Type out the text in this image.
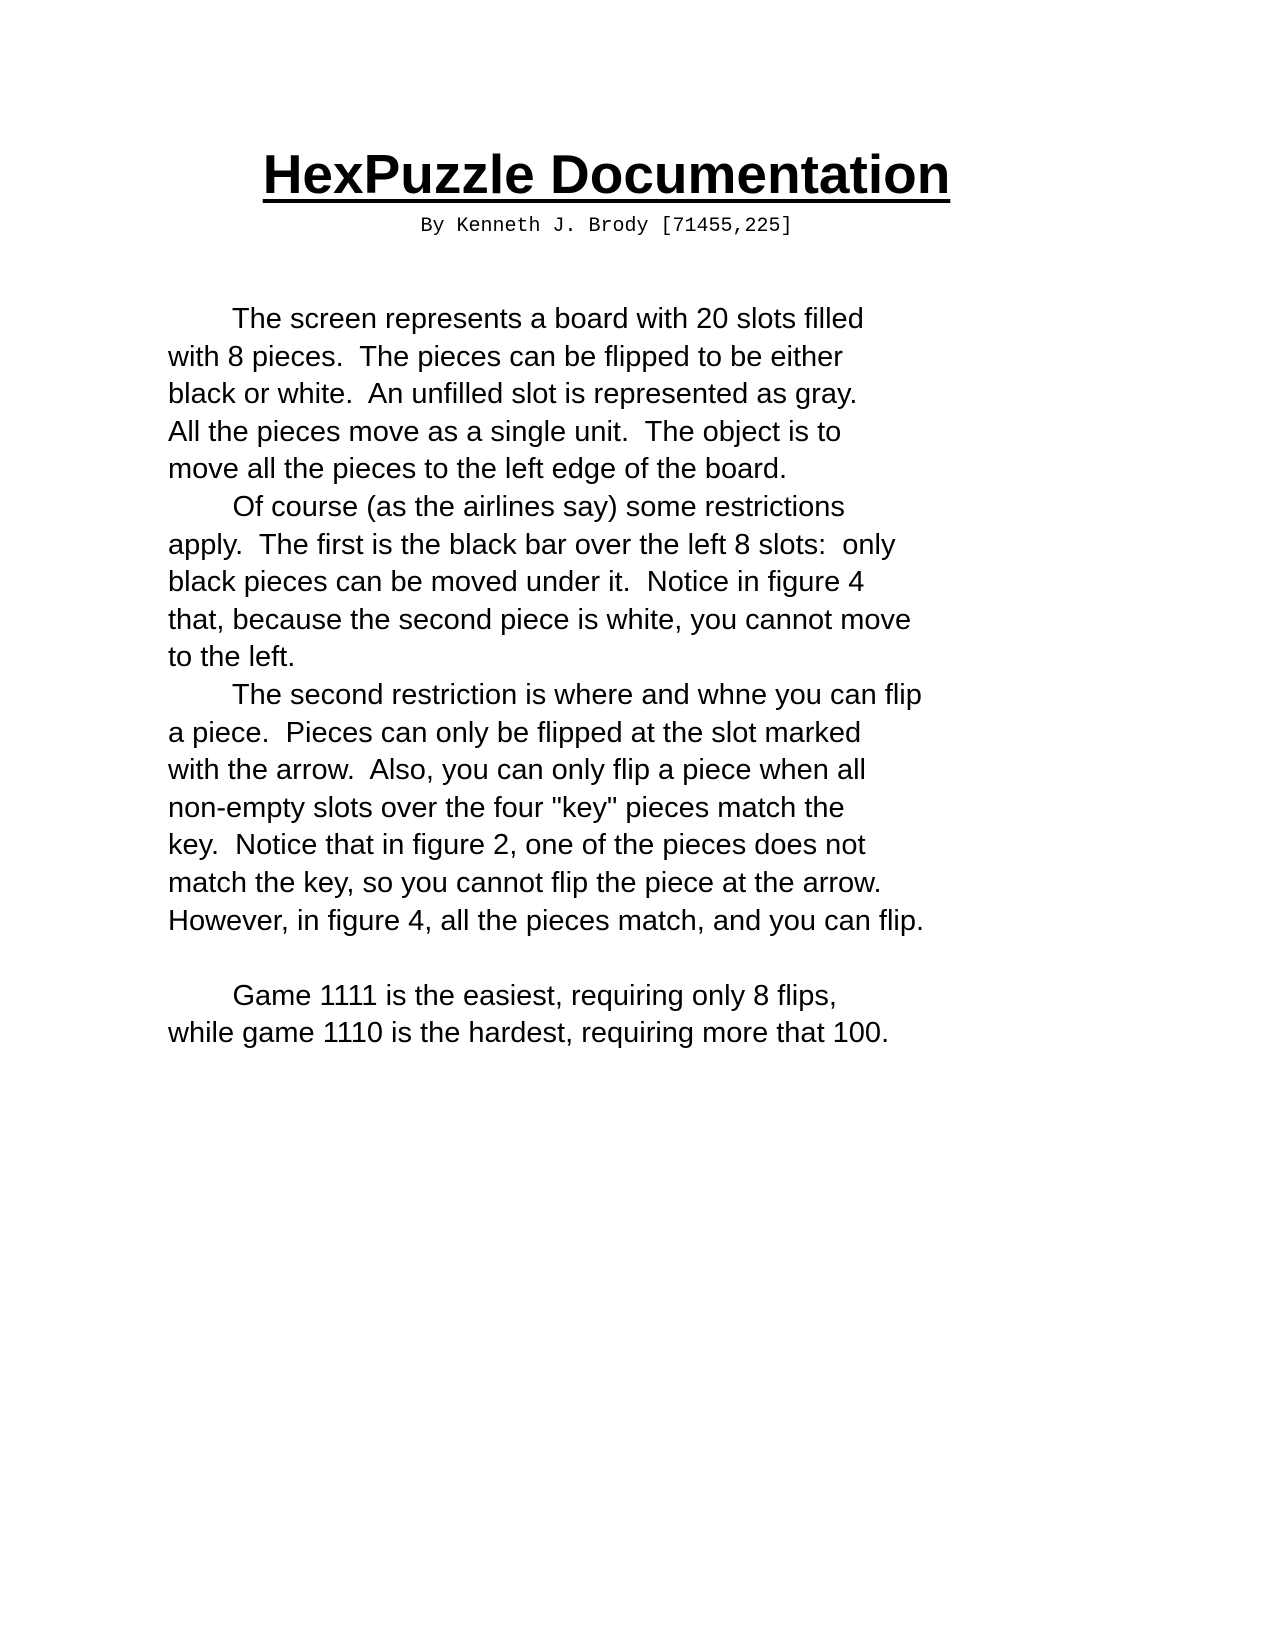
HexPuzzle Documentation
By Kenneth J. Brody [71455,225]

The screen represents a board with 20 slots filled
with 8 pieces.  The pieces can be flipped to be either
black or white.  An unfilled slot is represented as gray.
All the pieces move as a single unit.  The object is to
move all the pieces to the left edge of the board.

Of course (as the airlines say) some restrictions
apply.  The first is the black bar over the left 8 slots:  only
black pieces can be moved under it.  Notice in figure 4
that, because the second piece is white, you cannot move
to the left.

The second restriction is where and whne you can flip
a piece.  Pieces can only be flipped at the slot marked
with the arrow.  Also, you can only flip a piece when all
non-empty slots over the four "key" pieces match the
key.  Notice that in figure 2, one of the pieces does not
match the key, so you cannot flip the piece at the arrow.
However, in figure 4, all the pieces match, and you can flip.

Game 1111 is the easiest, requiring only 8 flips,
while game 1110 is the hardest, requiring more that 100.
